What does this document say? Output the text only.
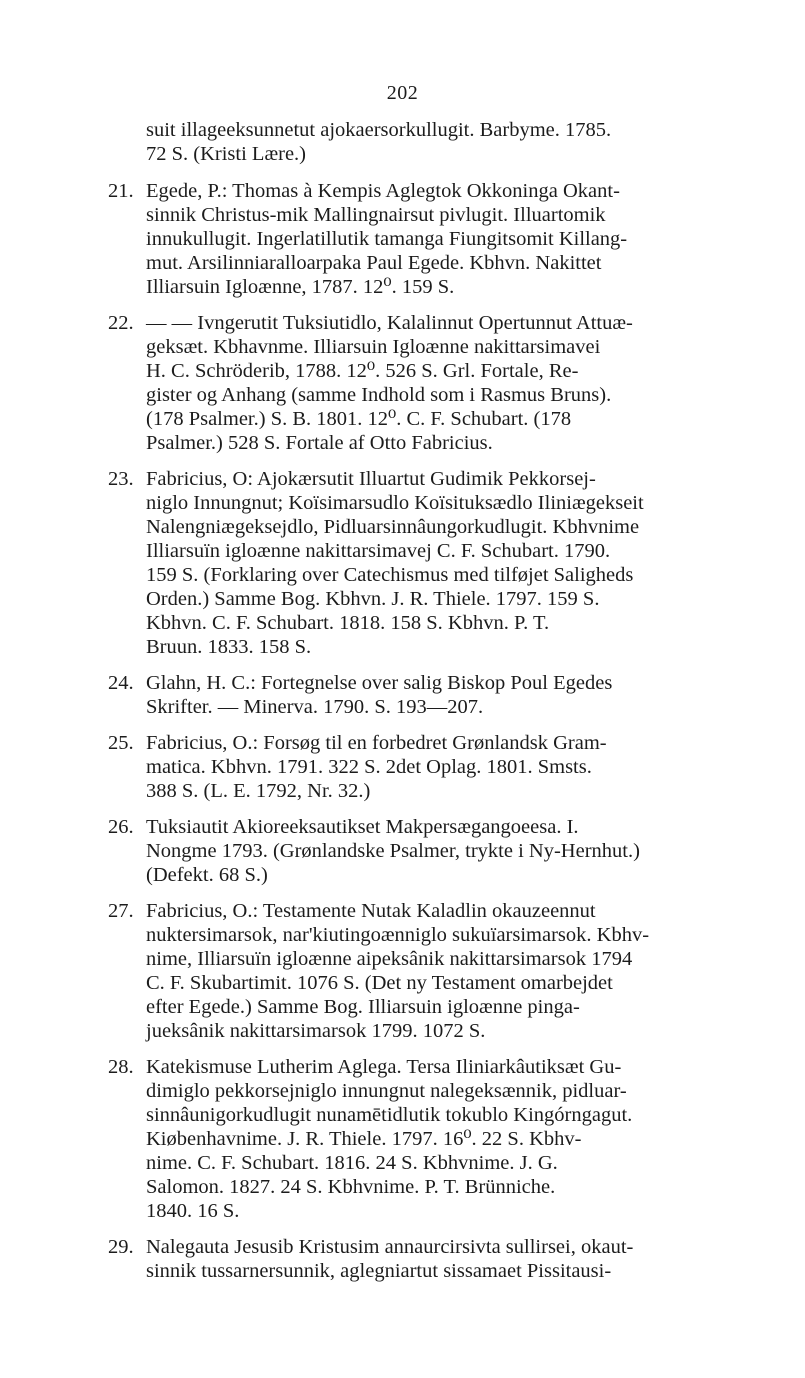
202
suit illageeksunnetut ajokaersorkullugit. Barbyme. 1785.
72 S. (Kristi Lære.)
21. Egede, P.: Thomas à Kempis Aglegtok Okkoninga Okant-
sinnik Christus-mik Mallingnairsut pivlugit. Illuartomik
innukullugit. Ingerlatillutik tamanga Fiungitsomit Killang-
mut. Arsilinniaralloarpaka Paul Egede. Kbhvn. Nakittet
Illiarsuin Igloænne, 1787. 12⁰. 159 S.
22. — — Ivngerutit Tuksiutidlo, Kalalinnut Opertunnut Attuæ-
geksæt. Kbhavnme. Illiarsuin Igloænne nakittarsimavei
H. C. Schröderib, 1788. 12⁰. 526 S. Grl. Fortale, Re-
gister og Anhang (samme Indhold som i Rasmus Bruns).
(178 Psalmer.) S. B. 1801. 12⁰. C. F. Schubart. (178
Psalmer.) 528 S. Fortale af Otto Fabricius.
23. Fabricius, O: Ajokærsutit Illuartut Gudimik Pekkorsej-
niglo Innungnut; Koïsimarsudlo Koïsituksædlo Iliniægekseit
Nalengniægeksejdlo, Pidluarsinnâungorkudlugit. Kbhvnime
Illiarsuïn igloænne nakittarsimavej C. F. Schubart. 1790.
159 S. (Forklaring over Catechismus med tilføjet Saligheds
Orden.) Samme Bog. Kbhvn. J. R. Thiele. 1797. 159 S.
Kbhvn. C. F. Schubart. 1818. 158 S. Kbhvn. P. T.
Bruun. 1833. 158 S.
24. Glahn, H. C.: Fortegnelse over salig Biskop Poul Egedes
Skrifter. — Minerva. 1790. S. 193—207.
25. Fabricius, O.: Forsøg til en forbedret Grønlandsk Gram-
matica. Kbhvn. 1791. 322 S. 2det Oplag. 1801. Smsts.
388 S. (L. E. 1792, Nr. 32.)
26. Tuksiautit Akioreeksautikset Makpersægangoeesa. I.
Nongme 1793. (Grønlandske Psalmer, trykte i Ny-Hernhut.)
(Defekt. 68 S.)
27. Fabricius, O.: Testamente Nutak Kaladlin okauzeennut
nuktersimarsok, nar'kiutingoænniglo sukuïarsimarsok. Kbhv-
nime, Illiarsuïn igloænne aipeksânik nakittarsimarsok 1794
C. F. Skubartimit. 1076 S. (Det ny Testament omarbejdet
efter Egede.) Samme Bog. Illiarsuin igloænne pinga-
jueksânik nakittarsimarsok 1799. 1072 S.
28. Katekismuse Lutherim Aglega. Tersa Iliniarkâutiksæt Gu-
dimiglo pekkorsejniglo innungnut nalegeksænnik, pidluar-
sinnâunigorkudlugit nunamētidlutik tokublo Kingórngagut.
Kiøbenhavnime. J. R. Thiele. 1797. 16⁰. 22 S. Kbhv-
nime. C. F. Schubart. 1816. 24 S. Kbhvnime. J. G.
Salomon. 1827. 24 S. Kbhvnime. P. T. Brünniche.
1840. 16 S.
29. Nalegauta Jesusib Kristusim annaurcirsivta sullirsei, okaut-
sinnik tussarnersunnik, aglegniartut sissamaet Pissitausi-
